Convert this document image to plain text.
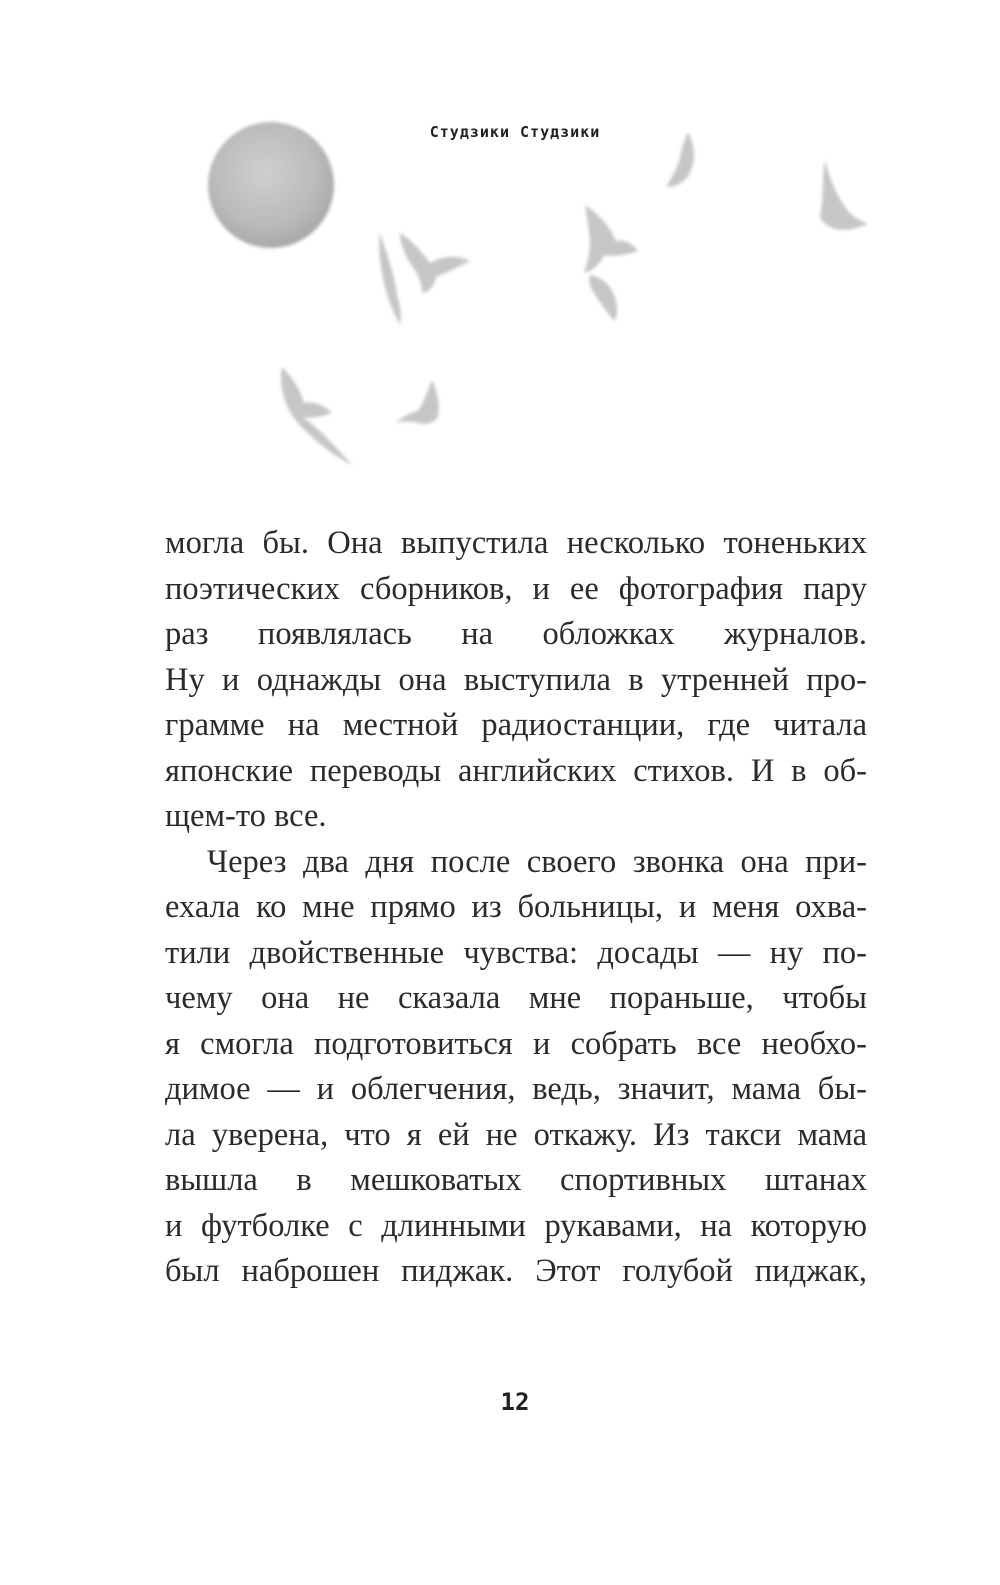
Студзики Студзики
могла бы. Она выпустила несколько тоненьких
поэтических сборников, и ее фотография пару
раз появлялась на обложках журналов.
Ну и однажды она выступила в утренней про-
грамме на местной радиостанции, где читала
японские переводы английских стихов. И в об-
щем-то все.
Через два дня после своего звонка она при-
ехала ко мне прямо из больницы, и меня охва-
тили двойственные чувства: досады — ну по-
чему она не сказала мне пораньше, чтобы
я смогла подготовиться и собрать все необхо-
димое — и облегчения, ведь, значит, мама бы-
ла уверена, что я ей не откажу. Из такси мама
вышла в мешковатых спортивных штанах
и футболке с длинными рукавами, на которую
был наброшен пиджак. Этот голубой пиджак,
12
